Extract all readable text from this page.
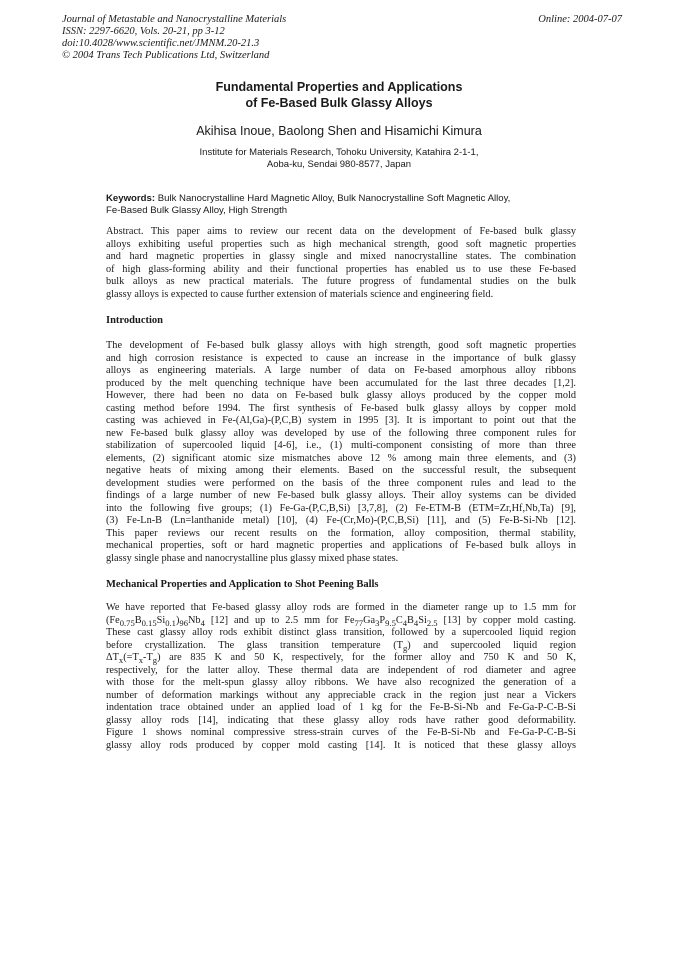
Journal of Metastable and Nanocrystalline Materials
ISSN: 2297-6620, Vols. 20-21, pp 3-12
doi:10.4028/www.scientific.net/JMNM.20-21.3
© 2004 Trans Tech Publications Ltd, Switzerland
Online: 2004-07-07
Fundamental Properties and Applications
of Fe-Based Bulk Glassy Alloys
Akihisa Inoue, Baolong Shen and Hisamichi Kimura
Institute for Materials Research, Tohoku University, Katahira 2-1-1,
Aoba-ku, Sendai 980-8577, Japan
Keywords: Bulk Nanocrystalline Hard Magnetic Alloy, Bulk Nanocrystalline Soft Magnetic Alloy,
Fe-Based Bulk Glassy Alloy, High Strength
Abstract. This paper aims to review our recent data on the development of Fe-based bulk glassy
alloys exhibiting useful properties such as high mechanical strength, good soft magnetic properties
and hard magnetic properties in glassy single and mixed nanocrystalline states. The combination
of high glass-forming ability and their functional properties has enabled us to use these Fe-based
bulk alloys as new practical materials. The future progress of fundamental studies on the bulk
glassy alloys is expected to cause further extension of materials science and engineering field.
Introduction
The development of Fe-based bulk glassy alloys with high strength, good soft magnetic properties
and high corrosion resistance is expected to cause an increase in the importance of bulk glassy
alloys as engineering materials. A large number of data on Fe-based amorphous alloy ribbons
produced by the melt quenching technique have been accumulated for the last three decades [1,2].
However, there had been no data on Fe-based bulk glassy alloys produced by the copper mold
casting method before 1994. The first synthesis of Fe-based bulk glassy alloys by copper mold
casting was achieved in Fe-(Al,Ga)-(P,C,B) system in 1995 [3]. It is important to point out that the
new Fe-based bulk glassy alloy was developed by use of the following three component rules for
stabilization of supercooled liquid [4-6], i.e., (1) multi-component consisting of more than three
elements, (2) significant atomic size mismatches above 12 % among main three elements, and (3)
negative heats of mixing among their elements. Based on the successful result, the subsequent
development studies were performed on the basis of the three component rules and lead to the
findings of a large number of new Fe-based bulk glassy alloys. Their alloy systems can be divided
into the following five groups; (1) Fe-Ga-(P,C,B,Si) [3,7,8], (2) Fe-ETM-B (ETM=Zr,Hf,Nb,Ta) [9],
(3) Fe-Ln-B (Ln=lanthanide metal) [10], (4) Fe-(Cr,Mo)-(P,C,B,Si) [11], and (5) Fe-B-Si-Nb [12].
This paper reviews our recent results on the formation, alloy composition, thermal stability,
mechanical properties, soft or hard magnetic properties and applications of Fe-based bulk alloys in
glassy single phase and nanocrystalline plus glassy mixed phase states.
Mechanical Properties and Application to Shot Peening Balls
We have reported that Fe-based glassy alloy rods are formed in the diameter range up to 1.5 mm for
$(Fe_{0.75}B_{0.15}Si_{0.1})_{96}Nb_4$ [12] and up to 2.5 mm for $Fe_{77}Ga_3P_{9.5}C_4B_4Si_{2.5}$ [13] by copper mold casting.
These cast glassy alloy rods exhibit distinct glass transition, followed by a supercooled liquid region
before crystallization. The glass transition temperature $(T_g)$ and supercooled liquid region
$\Delta T_x(=T_x-T_g)$ are 835 K and 50 K, respectively, for the former alloy and 750 K and 50 K,
respectively, for the latter alloy. These thermal data are independent of rod diameter and agree
with those for the melt-spun glassy alloy ribbons. We have also recognized the generation of a
number of deformation markings without any appreciable crack in the region just near a Vickers
indentation trace obtained under an applied load of 1 kg for the Fe-B-Si-Nb and Fe-Ga-P-C-B-Si
glassy alloy rods [14], indicating that these glassy alloy rods have rather good deformability.
Figure 1 shows nominal compressive stress-strain curves of the Fe-B-Si-Nb and Fe-Ga-P-C-B-Si
glassy alloy rods produced by copper mold casting [14]. It is noticed that these glassy alloys
